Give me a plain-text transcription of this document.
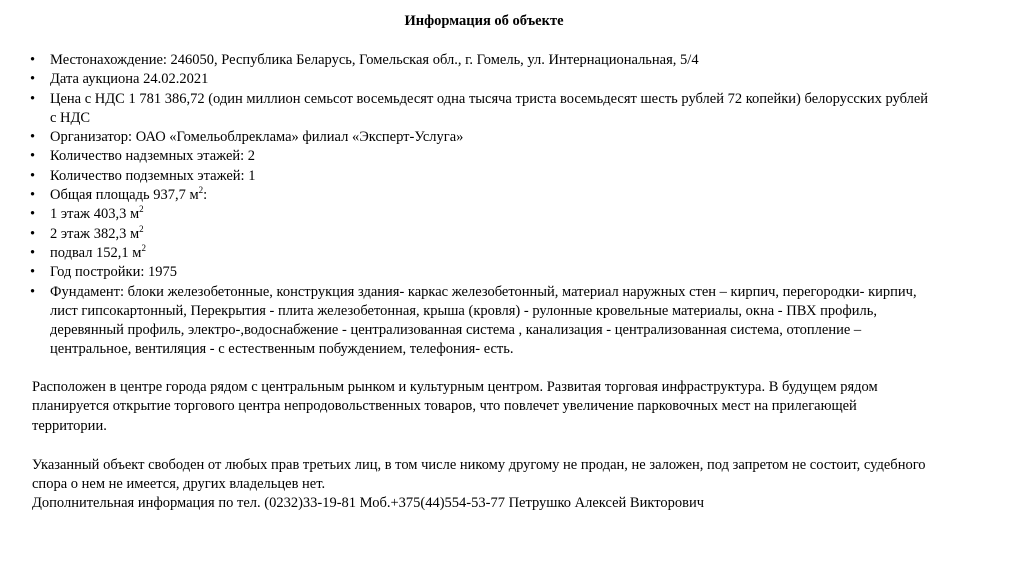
Информация об объекте
•	Местонахождение: 246050, Республика Беларусь, Гомельская обл., г. Гомель, ул. Интернациональная, 5/4
•	Дата аукциона 24.02.2021
•	Цена с НДС 1 781 386,72 (один миллион семьсот восемьдесят одна тысяча триста восемьдесят шесть рублей 72 копейки) белорусских рублей с НДС
•	Организатор: ОАО «Гомельоблреклама» филиал «Эксперт-Услуга»
•	Количество надземных этажей: 2
•	Количество подземных этажей: 1
•	Общая площадь 937,7 $м^2$:
•	1 этаж 403,3 $м^2$
•	2 этаж 382,3 $м^2$
•	подвал 152,1 $м^2$
•	Год постройки: 1975
•	Фундамент: блоки железобетонные, конструкция здания- каркас железобетонный, материал наружных стен – кирпич, перегородки- кирпич, лист гипсокартонный, Перекрытия - плита железобетонная, крыша (кровля) - рулонные кровельные материалы, окна - ПВХ профиль, деревянный профиль, электро-,водоснабжение - централизованная система , канализация - централизованная система, отопление – центральное, вентиляция - с естественным побуждением, телефония- есть.

Расположен в центре города рядом с центральным рынком и культурным центром. Развитая торговая инфраструктура. В будущем рядом планируется открытие торгового центра непродовольственных товаров, что повлечет увеличение парковочных мест на прилегающей территории.

Указанный объект свободен от любых прав третьих лиц, в том числе никому другому не продан, не заложен, под запретом не состоит, судебного спора о нем не имеется, других владельцев нет.

Дополнительная информация по тел. (0232)33-19-81 Моб.+375(44)554-53-77 Петрушко Алексей Викторович
